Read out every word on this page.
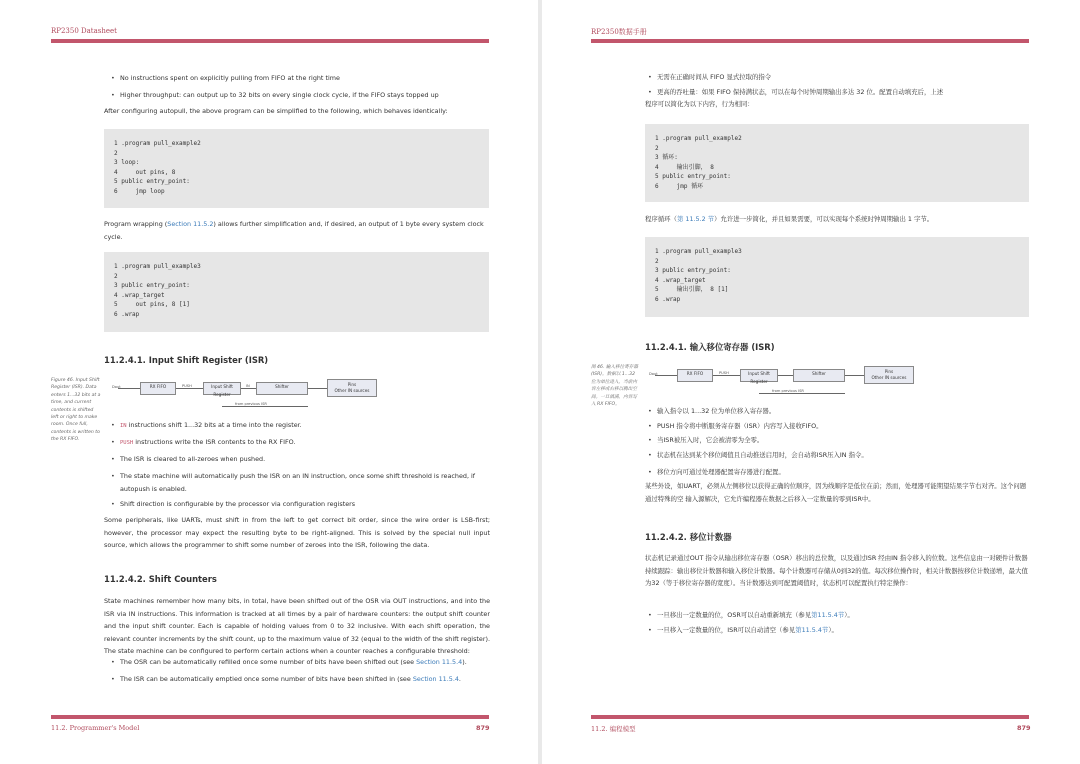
RP2350 Datasheet

• No instructions spent on explicitly pulling from FIFO at the right time

• Higher throughput: can output up to 32 bits on every single clock cycle, if the FIFO stays topped up

After configuring autopull, the above program can be simplified to the following, which behaves identically:

1 .program pull_example2
2
3 loop:
4     out pins, 8
5 public entry_point:
6     jmp loop

Program wrapping (Section 11.5.2) allows further simplification and, if desired, an output of 1 byte every system clock cycle.

1 .program pull_example3
2
3 public entry_point:
4 .wrap_target
5     out pins, 8 [1]
6 .wrap
11.2.4.1. Input Shift Register (ISR)
Figure 46. Input Shift Register (ISR). Data enters 1...32 bits at a time, and current contents is shifted left or right to make room. Once full, contents is written to the RX FIFO.
RX FIFO	Input Shift Register
Shifter	Pins
Other IN sources
Dout	PUSH	IN
from previous ISR

• IN instructions shift 1...32 bits at a time into the register.

• PUSH instructions write the ISR contents to the RX FIFO.

• The ISR is cleared to all-zeroes when pushed.

• The state machine will automatically push the ISR on an IN instruction, once some shift threshold is reached, if autopush is enabled.

• Shift direction is configurable by the processor via configuration registers

Some peripherals, like UARTs, must shift in from the left to get correct bit order, since the wire order is LSB-first; however, the processor may expect the resulting byte to be right-aligned. This is solved by the special null input source, which allows the programmer to shift some number of zeroes into the ISR, following the data.

11.2.4.2. Shift Counters

State machines remember how many bits, in total, have been shifted out of the OSR via OUT instructions, and into the ISR via IN instructions. This information is tracked at all times by a pair of hardware counters: the output shift counter and the input shift counter. Each is capable of holding values from 0 to 32 inclusive. With each shift operation, the relevant counter increments by the shift count, up to the maximum value of 32 (equal to the width of the shift register). The state machine can be configured to perform certain actions when a counter reaches a configurable threshold:

• The OSR can be automatically refilled once some number of bits have been shifted out (see Section 11.5.4).

• The ISR can be automatically emptied once some number of bits have been shifted in (see Section 11.5.4.

11.2. Programmer's Model	879
RP2350数据手册

• 无需在正确时间从 FIFO 显式拉取的指令

• 更高的吞吐量：如果 FIFO 保持满状态，可以在每个时钟周期输出多达 32 位。配置自动填充后，上述

程序可以简化为以下内容，行为相同：

1 .program pull_example2
2
3 循环:
4     输出引脚， 8
5 public entry_point:
6     jmp 循环

程序循环（第 11.5.2 节）允许进一步简化，并且如果需要，可以实现每个系统时钟周期输出 1 字节。

1 .program pull_example3
2
3 public entry_point:
4 .wrap_target
5     输出引脚， 8 [1]
6 .wrap
11.2.4.1. 输入移位寄存器 (ISR)
图 46. 输入移位寄存器 (ISR)。数据以 1...32 位为单位进入，当前内容左移或右移以腾出空间。一旦填满，内容写入 RX FIFO。
RX FIFO	Input Shift Register
Shifter	Pins
Other IN sources
Dout	PUSH
from previous ISR

• 输入指令以 1...32 位为单位移入寄存器。

• PUSH 指令将中断服务寄存器（ISR）内容写入接收FIFO。

• 当ISR被压入时，它会被清零为全零。

• 状态机在达到某个移位阈值且自动推送启用时，会自动将ISR压入IN 指令。

• 移位方向可通过处理器配置寄存器进行配置。

某些外设，如UART，必须从左侧移位以获得正确的位顺序，因为线顺序是低位在前；然而，处理器可能期望结果字节右对齐。这个问题通过特殊的空 输入源解决，它允许编程器在数据之后移入一定数量的零到ISR中。

11.2.4.2. 移位计数器

状态机记录通过OUT 指令从输出移位寄存器（OSR）移出的总位数，以及通过ISR 经由IN 指令移入的位数。这些信息由一对硬件计数器持续跟踪：输出移位计数器和输入移位计数器。每个计数器可存储从0到32的值。每次移位操作时，相关计数器按移位计数递增，最大值为32（等于移位寄存器的宽度）。当计数器达到可配置阈值时，状态机可以配置执行特定操作：

• 一旦移出一定数量的位，OSR可以自动重新填充（参见第11.5.4节）。

• 一旦移入一定数量的位，ISR可以自动清空（参见第11.5.4节）。

11.2. 编程模型	879
